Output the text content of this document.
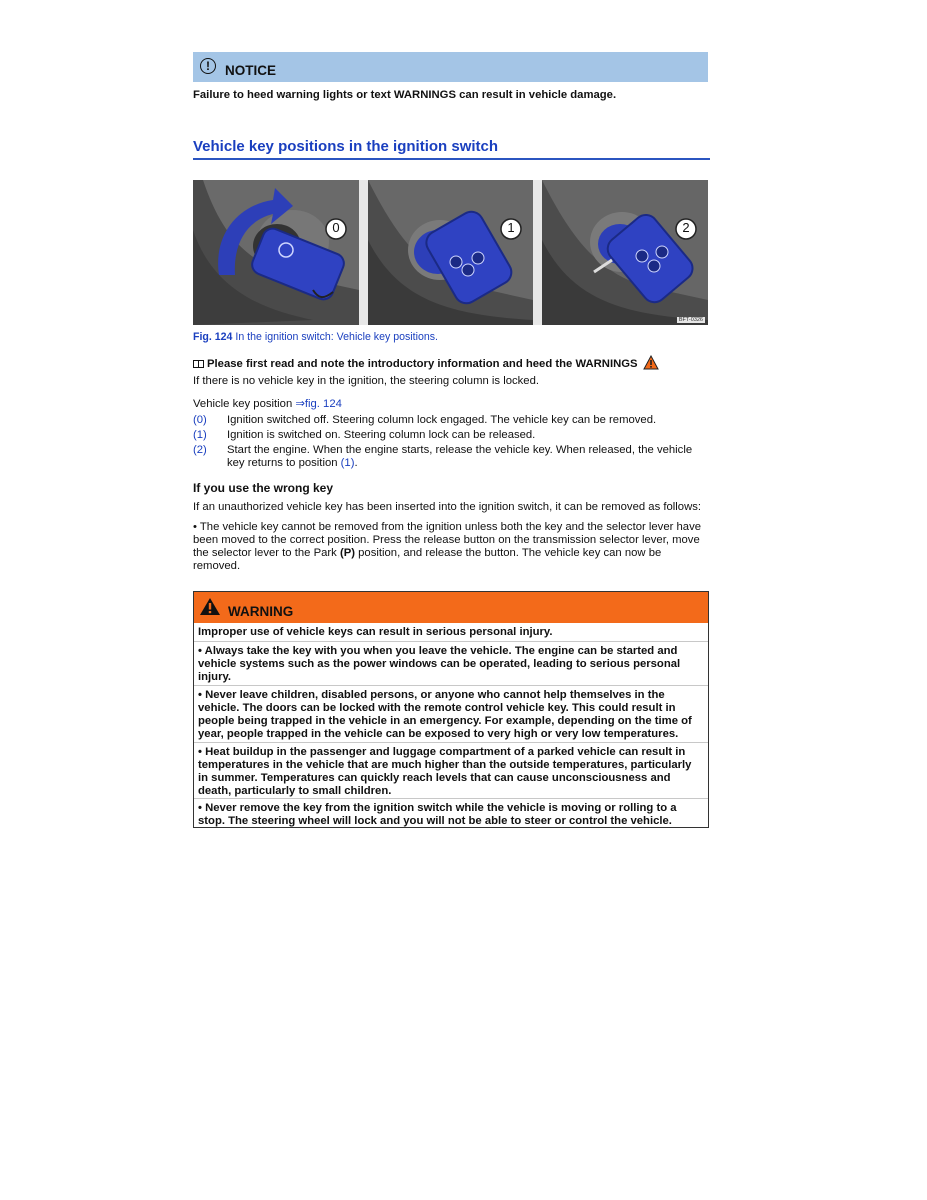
!	NOTICE
Failure to heed warning lights or text WARNINGS can result in vehicle damage.
Vehicle key positions in the ignition switch
0	1	2
BFT-0326
Fig. 124 In the ignition switch: Vehicle key positions.
Please first read and note the introductory information and heed the WARNINGS
If there is no vehicle key in the ignition, the steering column is locked.
Vehicle key position ⇒fig. 124
(0) Ignition switched off. Steering column lock engaged. The vehicle key can be removed.
(1) Ignition is switched on. Steering column lock can be released.
(2) Start the engine. When the engine starts, release the vehicle key. When released, the vehicle key returns to position (1).
If you use the wrong key
If an unauthorized vehicle key has been inserted into the ignition switch, it can be removed as follows:
• The vehicle key cannot be removed from the ignition unless both the key and the selector lever have been moved to the correct position. Press the release button on the transmission selector lever, move the selector lever to the Park (P) position, and release the button. The vehicle key can now be removed.
WARNING
Improper use of vehicle keys can result in serious personal injury.
• Always take the key with you when you leave the vehicle. The engine can be started and vehicle systems such as the power windows can be operated, leading to serious personal injury.
• Never leave children, disabled persons, or anyone who cannot help themselves in the vehicle. The doors can be locked with the remote control vehicle key. This could result in people being trapped in the vehicle in an emergency. For example, depending on the time of year, people trapped in the vehicle can be exposed to very high or very low temperatures.
• Heat buildup in the passenger and luggage compartment of a parked vehicle can result in temperatures in the vehicle that are much higher than the outside temperatures, particularly in summer. Temperatures can quickly reach levels that can cause unconsciousness and death, particularly to small children.
• Never remove the key from the ignition switch while the vehicle is moving or rolling to a stop. The steering wheel will lock and you will not be able to steer or control the vehicle.
